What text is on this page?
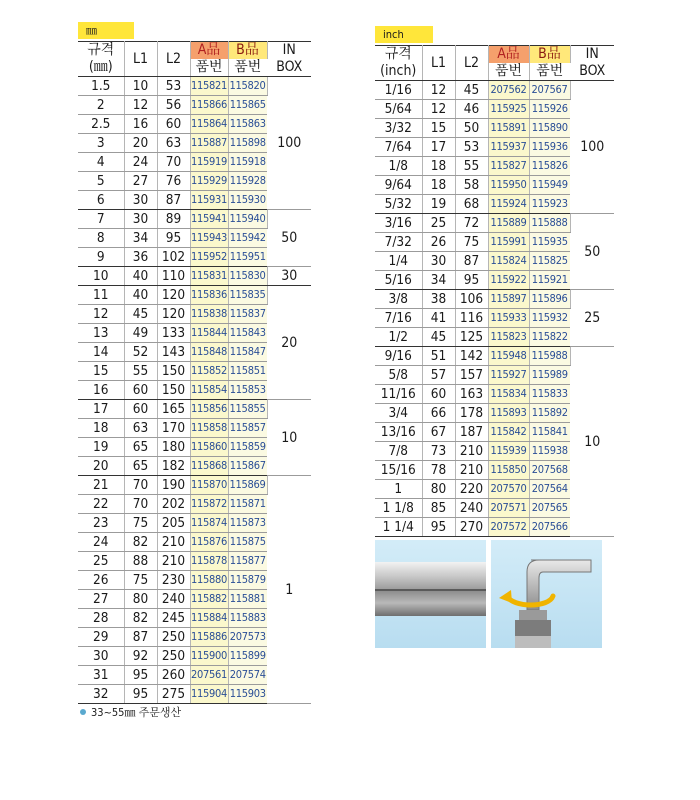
㎜
규격
(㎜)	L1	L2	A品	B品	IN
BOX
			품번	품번	
1.5	10	53	115821	115820	100
2	12	56	115866	115865	
2.5	16	60	115864	115863	
3	20	63	115887	115898	
4	24	70	115919	115918	
5	27	76	115929	115928	
6	30	87	115931	115930	
7	30	89	115941	115940	50
8	34	95	115943	115942	
9	36	102	115952	115951	
10	40	110	115831	115830	30
11	40	120	115836	115835	20
12	45	120	115838	115837	
13	49	133	115844	115843	
14	52	143	115848	115847	
15	55	150	115852	115851	
16	60	150	115854	115853	
17	60	165	115856	115855	10
18	63	170	115858	115857	
19	65	180	115860	115859	
20	65	182	115868	115867	
21	70	190	115870	115869	1
22	70	202	115872	115871	
23	75	205	115874	115873	
24	82	210	115876	115875	
25	88	210	115878	115877	
26	75	230	115880	115879	
27	80	240	115882	115881	
28	82	245	115884	115883	
29	87	250	115886	207573	
30	92	250	115900	115899	
31	95	260	207561	207574	
32	95	275	115904	115903	
33~55㎜ 주문생산
inch
규격
(inch)	L1	L2	A品	B品	IN
BOX
			품번	품번	
1/16	12	45	207562	207567	100
5/64	12	46	115925	115926	
3/32	15	50	115891	115890	
7/64	17	53	115937	115936	
1/8	18	55	115827	115826	
9/64	18	58	115950	115949	
5/32	19	68	115924	115923	
3/16	25	72	115889	115888	50
7/32	26	75	115991	115935	
1/4	30	87	115824	115825	
5/16	34	95	115922	115921	
3/8	38	106	115897	115896	25
7/16	41	116	115933	115932	
1/2	45	125	115823	115822	
9/16	51	142	115948	115988	10
5/8	57	157	115927	115989	
11/16	60	163	115834	115833	
3/4	66	178	115893	115892	
13/16	67	187	115842	115841	
7/8	73	210	115939	115938	
15/16	78	210	115850	207568	
1	80	220	207570	207564	
1 1/8	85	240	207571	207565	
1 1/4	95	270	207572	207566	
